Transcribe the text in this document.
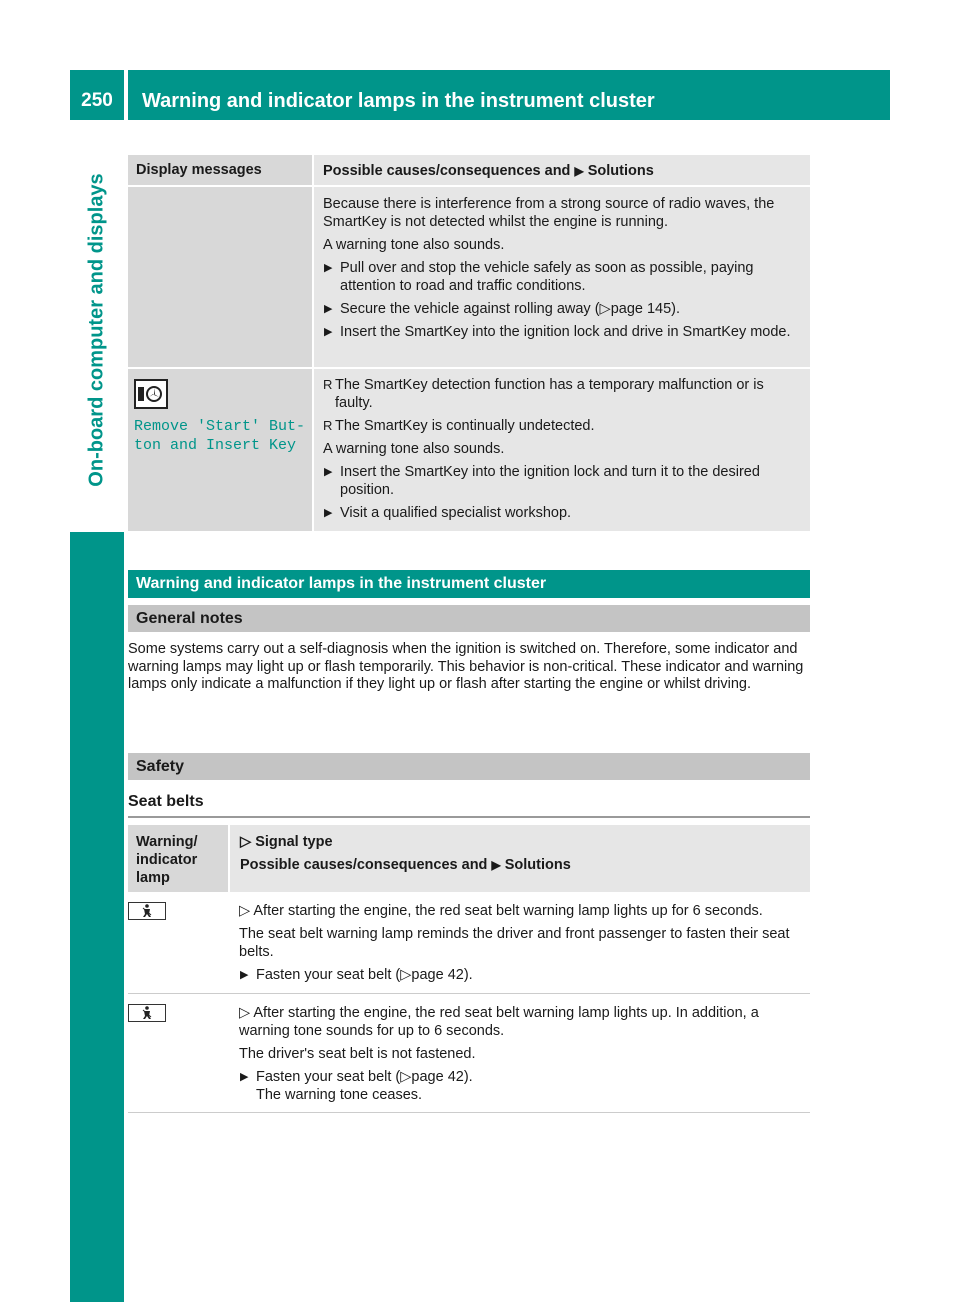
250	Warning and indicator lamps in the instrument cluster
On-board computer and displays
Display messages	Possible causes/consequences and ▶ Solutions

Because there is interference from a strong source of radio waves, the SmartKey is not detected whilst the engine is running.

A warning tone also sounds.

▶ Pull over and stop the vehicle safely as soon as possible, paying attention to road and traffic conditions.

▶ Secure the vehicle against rolling away (▷page 145).

▶ Insert the SmartKey into the ignition lock and drive in SmartKey mode.

Remove 'Start' But‐
ton and Insert Key

R The SmartKey detection function has a temporary malfunction or is faulty.

R The SmartKey is continually undetected.

A warning tone also sounds.

▶ Insert the SmartKey into the ignition lock and turn it to the desired position.

▶ Visit a qualified specialist workshop.

Warning and indicator lamps in the instrument cluster
General notes

Some systems carry out a self-diagnosis when the ignition is switched on. Therefore, some indicator and warning lamps may light up or flash temporarily. This behavior is non-critical. These indicator and warning lamps only indicate a malfunction if they light up or flash after starting the engine or whilst driving.

Safety
Seat belts
Warning/ indicator lamp
▷ Signal type
Possible causes/consequences and ▶ Solutions

▷ After starting the engine, the red seat belt warning lamp lights up for 6 seconds.

The seat belt warning lamp reminds the driver and front passenger to fasten their seat belts.

▶ Fasten your seat belt (▷page 42).

▷ After starting the engine, the red seat belt warning lamp lights up. In addition, a warning tone sounds for up to 6 seconds.

The driver's seat belt is not fastened.

▶ Fasten your seat belt (▷page 42).
The warning tone ceases.
